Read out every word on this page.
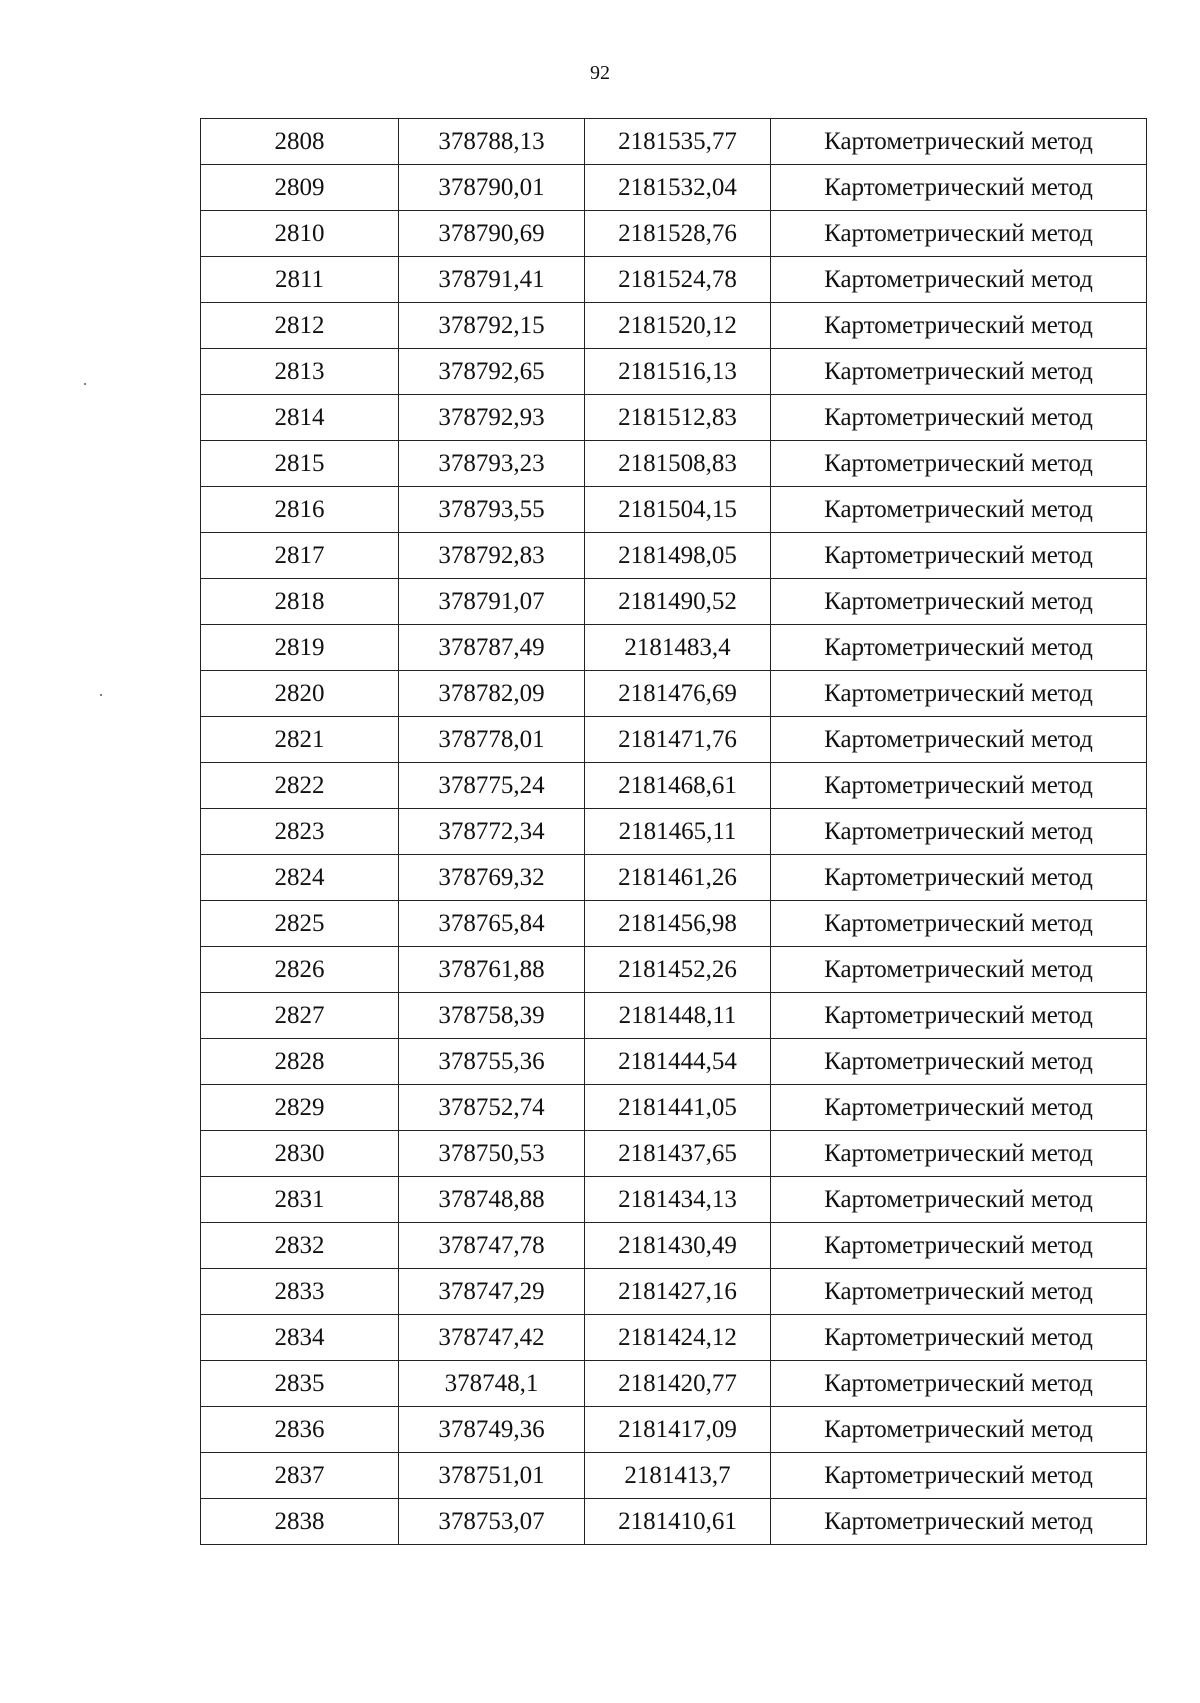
92
2808	378788,13	2181535,77	Картометрический метод
2809	378790,01	2181532,04	Картометрический метод
2810	378790,69	2181528,76	Картометрический метод
2811	378791,41	2181524,78	Картометрический метод
2812	378792,15	2181520,12	Картометрический метод
2813	378792,65	2181516,13	Картометрический метод
2814	378792,93	2181512,83	Картометрический метод
2815	378793,23	2181508,83	Картометрический метод
2816	378793,55	2181504,15	Картометрический метод
2817	378792,83	2181498,05	Картометрический метод
2818	378791,07	2181490,52	Картометрический метод
2819	378787,49	2181483,4	Картометрический метод
2820	378782,09	2181476,69	Картометрический метод
2821	378778,01	2181471,76	Картометрический метод
2822	378775,24	2181468,61	Картометрический метод
2823	378772,34	2181465,11	Картометрический метод
2824	378769,32	2181461,26	Картометрический метод
2825	378765,84	2181456,98	Картометрический метод
2826	378761,88	2181452,26	Картометрический метод
2827	378758,39	2181448,11	Картометрический метод
2828	378755,36	2181444,54	Картометрический метод
2829	378752,74	2181441,05	Картометрический метод
2830	378750,53	2181437,65	Картометрический метод
2831	378748,88	2181434,13	Картометрический метод
2832	378747,78	2181430,49	Картометрический метод
2833	378747,29	2181427,16	Картометрический метод
2834	378747,42	2181424,12	Картометрический метод
2835	378748,1	2181420,77	Картометрический метод
2836	378749,36	2181417,09	Картометрический метод
2837	378751,01	2181413,7	Картометрический метод
2838	378753,07	2181410,61	Картометрический метод
